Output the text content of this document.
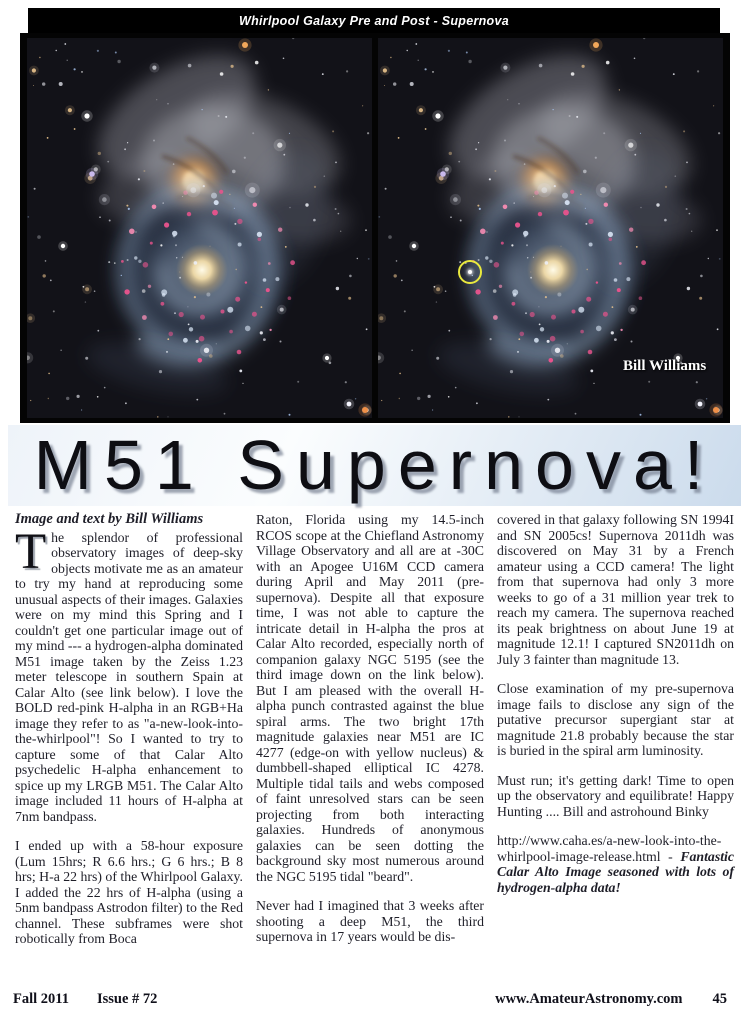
Whirlpool Galaxy Pre and Post - Supernova
Bill Williams
M51 Supernova!
Image and text by Bill Williams

The splendor of professional observatory images of deep-sky objects motivate me as an amateur to try my hand at reproducing some unusual aspects of their images. Galaxies were on my mind this Spring and I couldn't get one particular image out of my mind --- a hydrogen-alpha dominated M51 image taken by the Zeiss 1.23 meter telescope in southern Spain at Calar Alto (see link below). I love the BOLD red-pink H-alpha in an RGB+Ha image they refer to as "a-new-look-into-the-whirlpool"! So I wanted to try to capture some of that Calar Alto psychedelic H-alpha enhancement to spice up my LRGB M51. The Calar Alto image included 11 hours of H-alpha at 7nm bandpass.

I ended up with a 58-hour exposure (Lum 15hrs; R 6.6 hrs.; G 6 hrs.; B 8 hrs; H-a 22 hrs) of the Whirlpool Galaxy. I added the 22 hrs of H-alpha (using a 5nm bandpass Astrodon filter) to the Red channel. These subframes were shot robotically from Boca

Raton, Florida using my 14.5-inch RCOS scope at the Chiefland Astronomy Village Observatory and all are at -30C with an Apogee U16M CCD camera during April and May 2011 (pre-supernova). Despite all that exposure time, I was not able to capture the intricate detail in H-alpha the pros at Calar Alto recorded, especially north of companion galaxy NGC 5195 (see the third image down on the link below). But I am pleased with the overall H-alpha punch contrasted against the blue spiral arms. The two bright 17th magnitude galaxies near M51 are IC 4277 (edge-on with yellow nucleus) & dumbbell-shaped elliptical IC 4278. Multiple tidal tails and webs composed of faint unresolved stars can be seen projecting from both interacting galaxies. Hundreds of anonymous galaxies can be seen dotting the background sky most numerous around the NGC 5195 tidal "beard".

Never had I imagined that 3 weeks after shooting a deep M51, the third supernova in 17 years would be dis-

covered in that galaxy following SN 1994I and SN 2005cs! Supernova 2011dh was discovered on May 31 by a French amateur using a CCD camera! The light from that supernova had only 3 more weeks to go of a 31 million year trek to reach my camera. The supernova reached its peak brightness on about June 19 at magnitude 12.1! I captured SN2011dh on July 3 fainter than magnitude 13.

Close examination of my pre-supernova image fails to disclose any sign of the putative precursor supergiant star at magnitude 21.8 probably because the star is buried in the spiral arm luminosity.

Must run; it's getting dark! Time to open up the observatory and equilibrate! Happy Hunting .... Bill and astrohound Binky

http://www.caha.es/a-new-look-into-the-whirlpool-image-release.html - Fantastic Calar Alto Image seasoned with lots of hydrogen-alpha data!

Fall 2011 Issue # 72	www.AmateurAstronomy.com 45
